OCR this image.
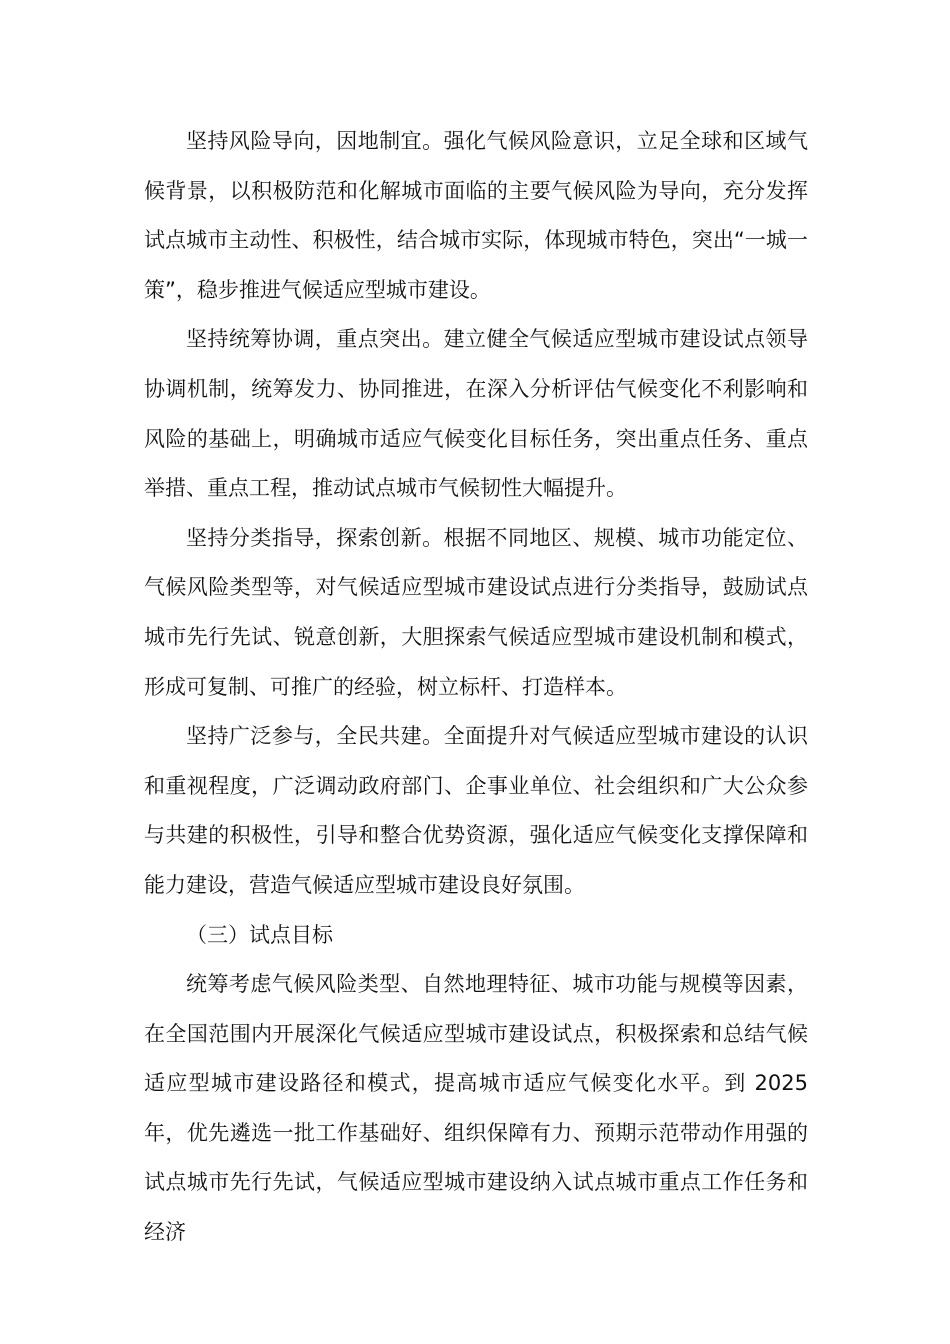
坚持风险导向，因地制宜。强化气候风险意识，立足全球和区域气候背景，以积极防范和化解城市面临的主要气候风险为导向，充分发挥试点城市主动性、积极性，结合城市实际，体现城市特色，突出“一城一策”，稳步推进气候适应型城市建设。

坚持统筹协调，重点突出。建立健全气候适应型城市建设试点领导协调机制，统筹发力、协同推进，在深入分析评估气候变化不利影响和风险的基础上，明确城市适应气候变化目标任务，突出重点任务、重点举措、重点工程，推动试点城市气候韧性大幅提升。

坚持分类指导，探索创新。根据不同地区、规模、城市功能定位、气候风险类型等，对气候适应型城市建设试点进行分类指导，鼓励试点城市先行先试、锐意创新，大胆探索气候适应型城市建设机制和模式，形成可复制、可推广的经验，树立标杆、打造样本。

坚持广泛参与，全民共建。全面提升对气候适应型城市建设的认识和重视程度，广泛调动政府部门、企事业单位、社会组织和广大公众参与共建的积极性，引导和整合优势资源，强化适应气候变化支撑保障和能力建设，营造气候适应型城市建设良好氛围。

（三）试点目标

统筹考虑气候风险类型、自然地理特征、城市功能与规模等因素，在全国范围内开展深化气候适应型城市建设试点，积极探索和总结气候适应型城市建设路径和模式，提高城市适应气候变化水平。到 2025 年，优先遴选一批工作基础好、组织保障有力、预期示范带动作用强的试点城市先行先试，气候适应型城市建设纳入试点城市重点工作任务和经济
